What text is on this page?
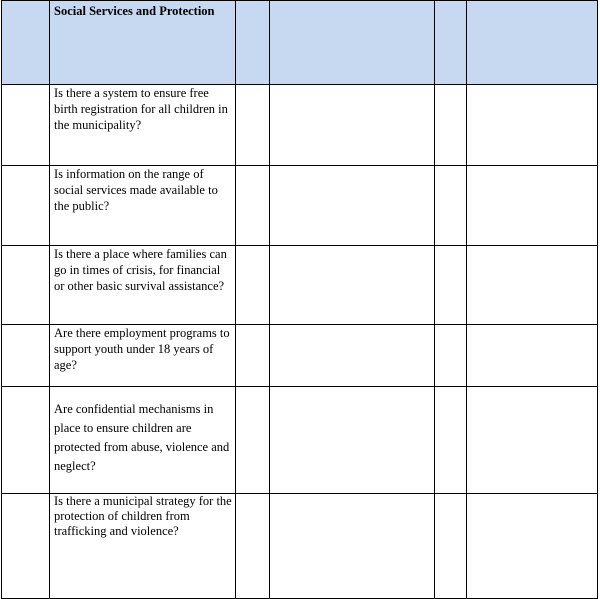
	Social Services and Protection				
	Is there a system to ensure free birth registration for all children in the municipality?				
	Is information on the range of social services made available to the public?				
	Is there a place where families can go in times of crisis, for financial or other basic survival assistance?				
	Are there employment programs to support youth under 18 years of age?				
	Are confidential mechanisms in place to ensure children are protected from abuse, violence and neglect?				
	Is there a municipal strategy for the protection of children from trafficking and violence?				
